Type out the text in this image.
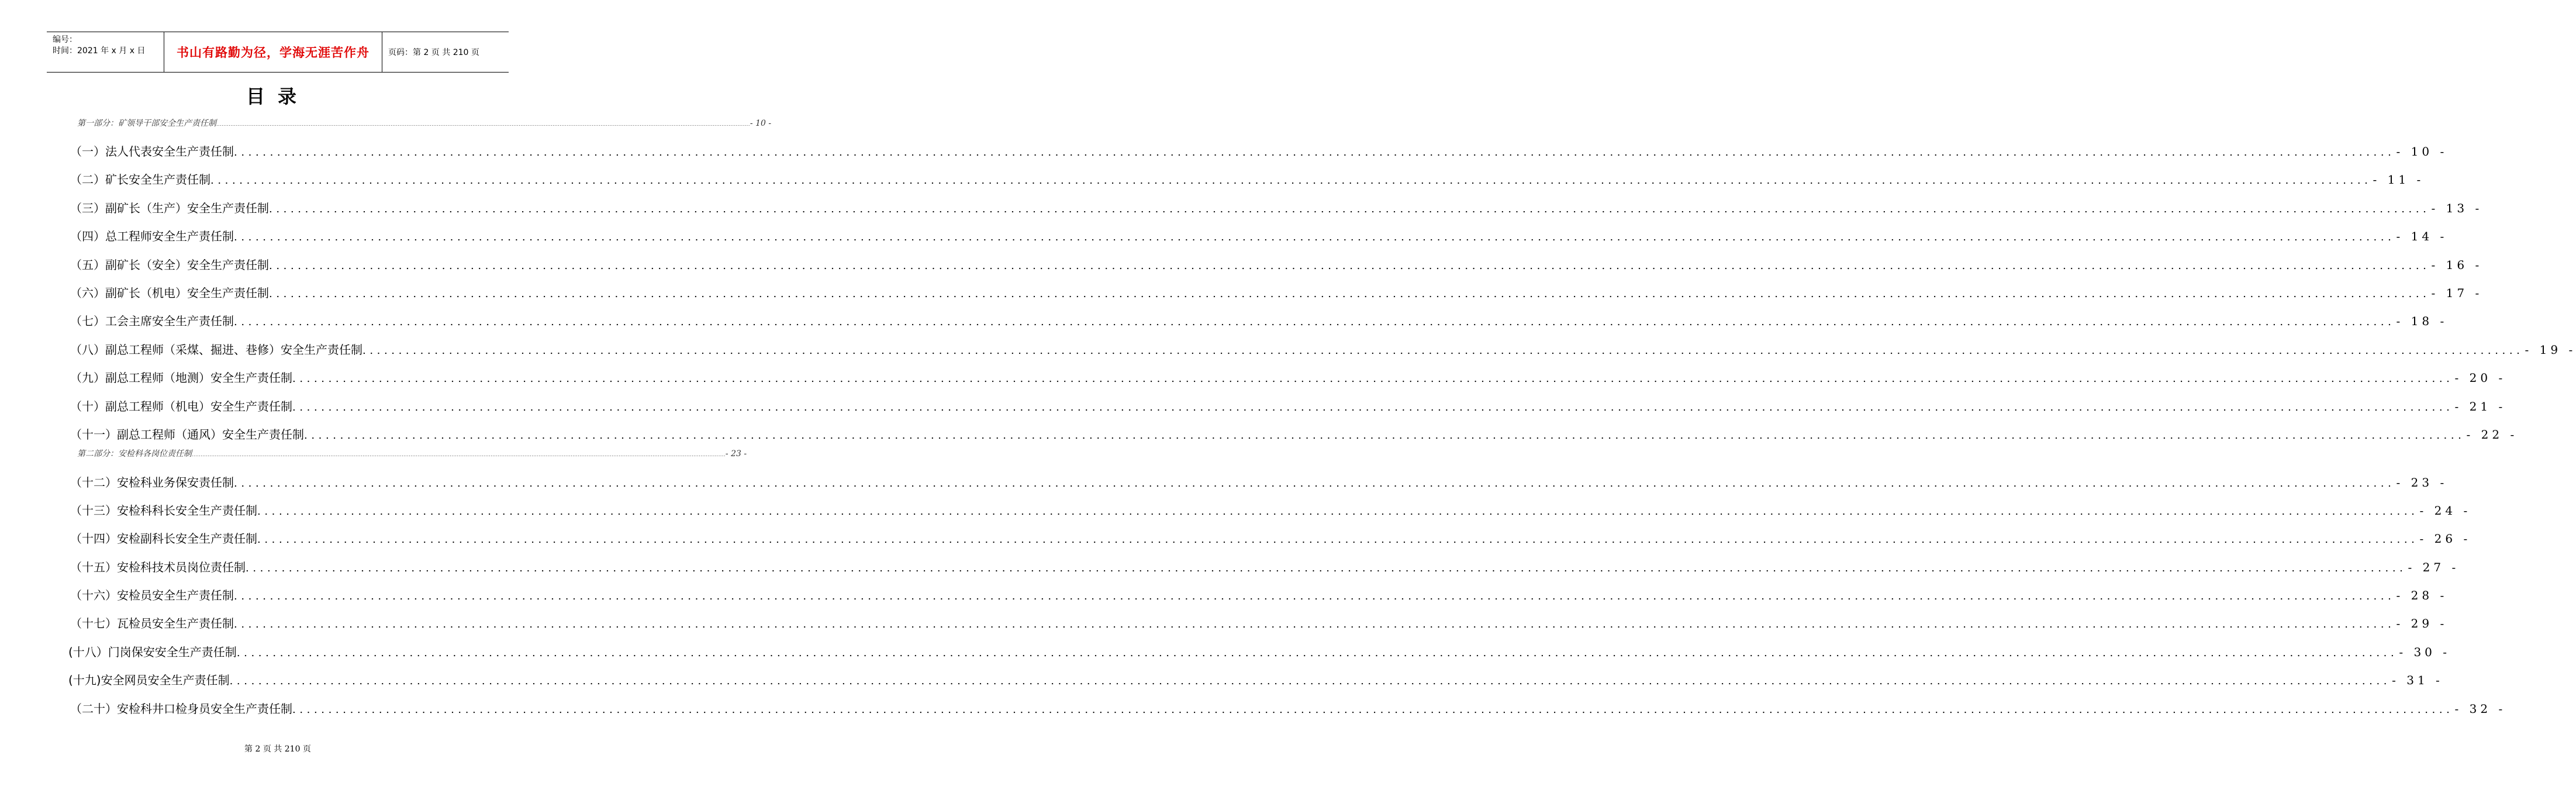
编号：
时间：2021 年 x 月 x 日	书山有路勤为径，学海无涯苦作舟	页码：第 2 页 共 210 页
目录
第一部分：矿领导干部安全生产责任制 ............................................................................................................................................................................................................................................................................................................ - 10 -
（一）法人代表安全生产责任制 ............................................................................................................................................................................................................................................................................................................ - 10 -
（二）矿长安全生产责任制 ............................................................................................................................................................................................................................................................................................................ - 11 -
（三）副矿长（生产）安全生产责任制 ............................................................................................................................................................................................................................................................................................................ - 13 -
（四）总工程师安全生产责任制 ............................................................................................................................................................................................................................................................................................................ - 14 -
（五）副矿长（安全）安全生产责任制 ............................................................................................................................................................................................................................................................................................................ - 16 -
（六）副矿长（机电）安全生产责任制 ............................................................................................................................................................................................................................................................................................................ - 17 -
（七）工会主席安全生产责任制 ............................................................................................................................................................................................................................................................................................................ - 18 -
（八）副总工程师（采煤、掘进、巷修）安全生产责任制 ............................................................................................................................................................................................................................................................................................................ - 19 -
（九）副总工程师（地测）安全生产责任制 ............................................................................................................................................................................................................................................................................................................ - 20 -
（十）副总工程师（机电）安全生产责任制 ............................................................................................................................................................................................................................................................................................................ - 21 -
（十一）副总工程师（通风）安全生产责任制 ............................................................................................................................................................................................................................................................................................................ - 22 -
第二部分：安检科各岗位责任制 ............................................................................................................................................................................................................................................................................................................ - 23 -
（十二）安检科业务保安责任制 ............................................................................................................................................................................................................................................................................................................ - 23 -
（十三）安检科科长安全生产责任制 ............................................................................................................................................................................................................................................................................................................ - 24 -
（十四）安检副科长安全生产责任制 ............................................................................................................................................................................................................................................................................................................ - 26 -
（十五）安检科技术员岗位责任制 ............................................................................................................................................................................................................................................................................................................ - 27 -
（十六）安检员安全生产责任制 ............................................................................................................................................................................................................................................................................................................ - 28 -
（十七）瓦检员安全生产责任制 ............................................................................................................................................................................................................................................................................................................ - 29 -
(十八）门岗保安安全生产责任制 ............................................................................................................................................................................................................................................................................................................ - 30 -
(十九)安全网员安全生产责任制 ............................................................................................................................................................................................................................................................................................................ - 31 -
（二十）安检科井口检身员安全生产责任制 ............................................................................................................................................................................................................................................................................................................ - 32 -
第 2 页 共 210 页
